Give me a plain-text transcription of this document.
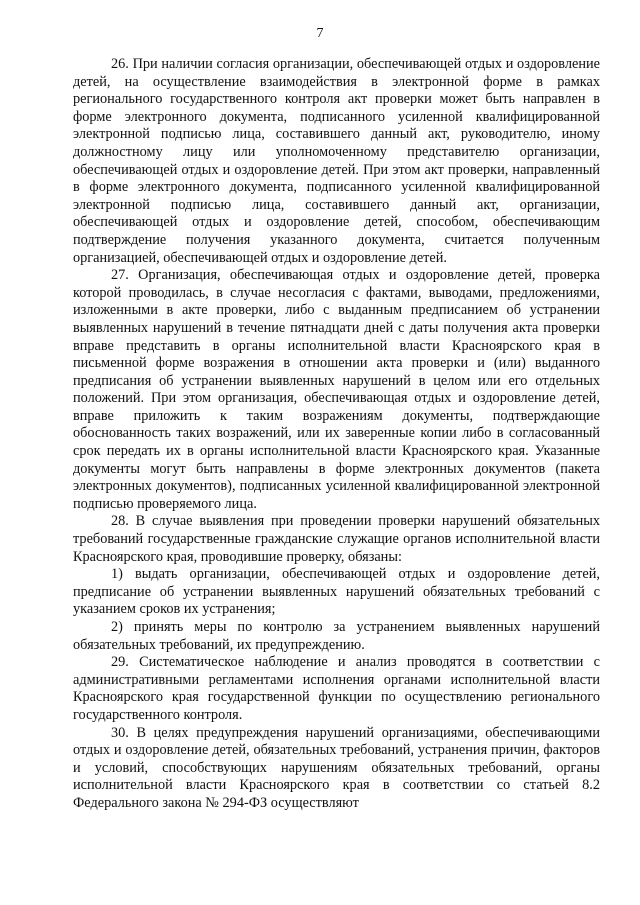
7

26. При наличии согласия организации, обеспечивающей отдых и оздоровление детей, на осуществление взаимодействия в электронной форме в рамках регионального государственного контроля акт проверки может быть направлен в форме электронного документа, подписанного усиленной квалифицированной электронной подписью лица, составившего данный акт, руководителю, иному должностному лицу или уполномоченному представителю организации, обеспечивающей отдых и оздоровление детей. При этом акт проверки, направленный в форме электронного документа, подписанного усиленной квалифицированной электронной подписью лица, составившего данный акт, организации, обеспечивающей отдых и оздоровление детей, способом, обеспечивающим подтверждение получения указанного документа, считается полученным организацией, обеспечивающей отдых и оздоровление детей.

27. Организация, обеспечивающая отдых и оздоровление детей, проверка которой проводилась, в случае несогласия с фактами, выводами, предложениями, изложенными в акте проверки, либо с выданным предписанием об устранении выявленных нарушений в течение пятнадцати дней с даты получения акта проверки вправе представить в органы исполнительной власти Красноярского края в письменной форме возражения в отношении акта проверки и (или) выданного предписания об устранении выявленных нарушений в целом или его отдельных положений. При этом организация, обеспечивающая отдых и оздоровление детей, вправе приложить к таким возражениям документы, подтверждающие обоснованность таких возражений, или их заверенные копии либо в согласованный срок передать их в органы исполнительной власти Красноярского края. Указанные документы могут быть направлены в форме электронных документов (пакета электронных документов), подписанных усиленной квалифицированной электронной подписью проверяемого лица.

28. В случае выявления при проведении проверки нарушений обязательных требований государственные гражданские служащие органов исполнительной власти Красноярского края, проводившие проверку, обязаны:

1) выдать организации, обеспечивающей отдых и оздоровление детей, предписание об устранении выявленных нарушений обязательных требований с указанием сроков их устранения;

2) принять меры по контролю за устранением выявленных нарушений обязательных требований, их предупреждению.

29. Систематическое наблюдение и анализ проводятся в соответствии с административными регламентами исполнения органами исполнительной власти Красноярского края государственной функции по осуществлению регионального государственного контроля.

30. В целях предупреждения нарушений организациями, обеспечивающими отдых и оздоровление детей, обязательных требований, устранения причин, факторов и условий, способствующих нарушениям обязательных требований, органы исполнительной власти Красноярского края в соответствии со статьей 8.2 Федерального закона № 294-ФЗ осуществляют
